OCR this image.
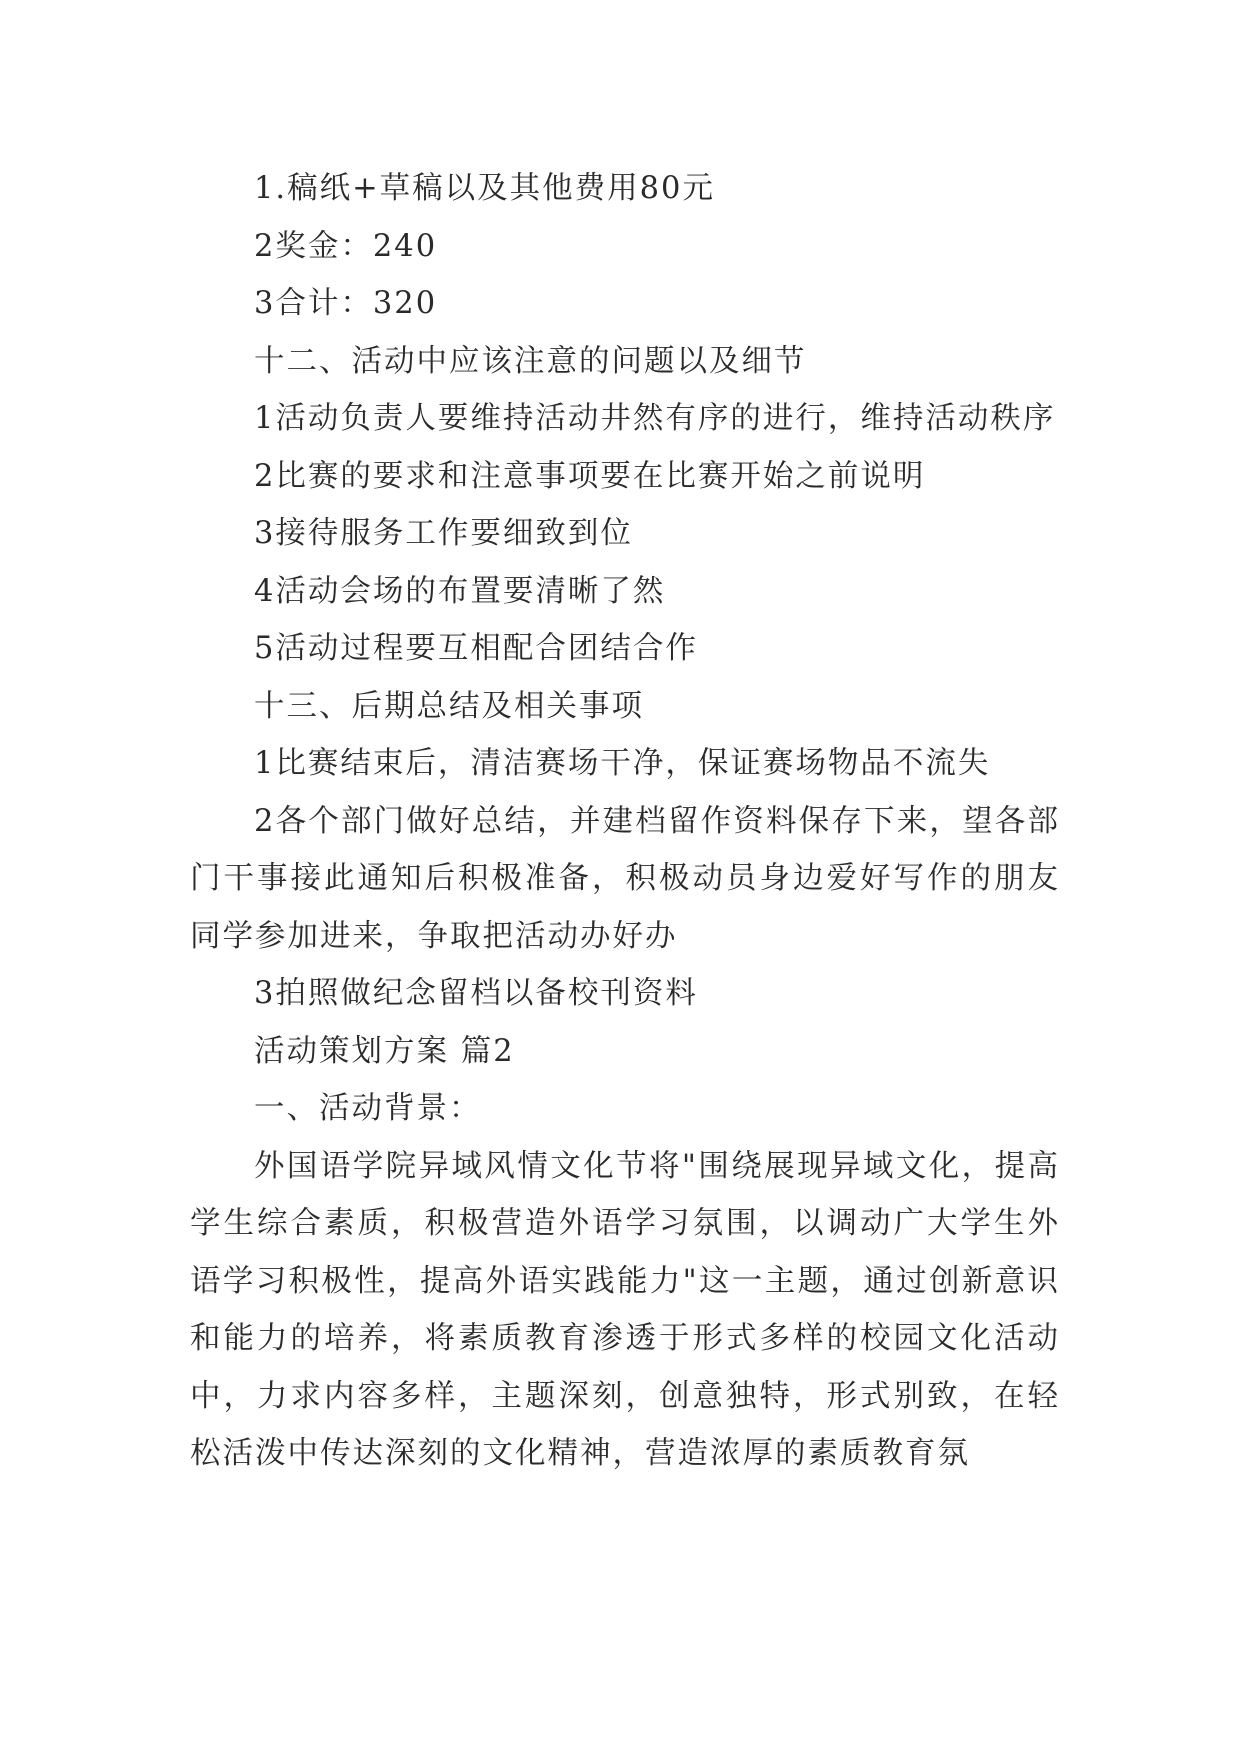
1.稿纸+草稿以及其他费用80元

2奖金：240

3合计：320

十二、活动中应该注意的问题以及细节

1活动负责人要维持活动井然有序的进行，维持活动秩序

2比赛的要求和注意事项要在比赛开始之前说明

3接待服务工作要细致到位

4活动会场的布置要清晰了然

5活动过程要互相配合团结合作

十三、后期总结及相关事项

1比赛结束后，清洁赛场干净，保证赛场物品不流失

2各个部门做好总结，并建档留作资料保存下来，望各部门干事接此通知后积极准备，积极动员身边爱好写作的朋友同学参加进来，争取把活动办好办

3拍照做纪念留档以备校刊资料

活动策划方案 篇2

一、活动背景：

外国语学院异域风情文化节将"围绕展现异域文化，提高学生综合素质，积极营造外语学习氛围，以调动广大学生外语学习积极性，提高外语实践能力"这一主题，通过创新意识和能力的培养，将素质教育渗透于形式多样的校园文化活动中，力求内容多样，主题深刻，创意独特，形式别致，在轻松活泼中传达深刻的文化精神，营造浓厚的素质教育氛
